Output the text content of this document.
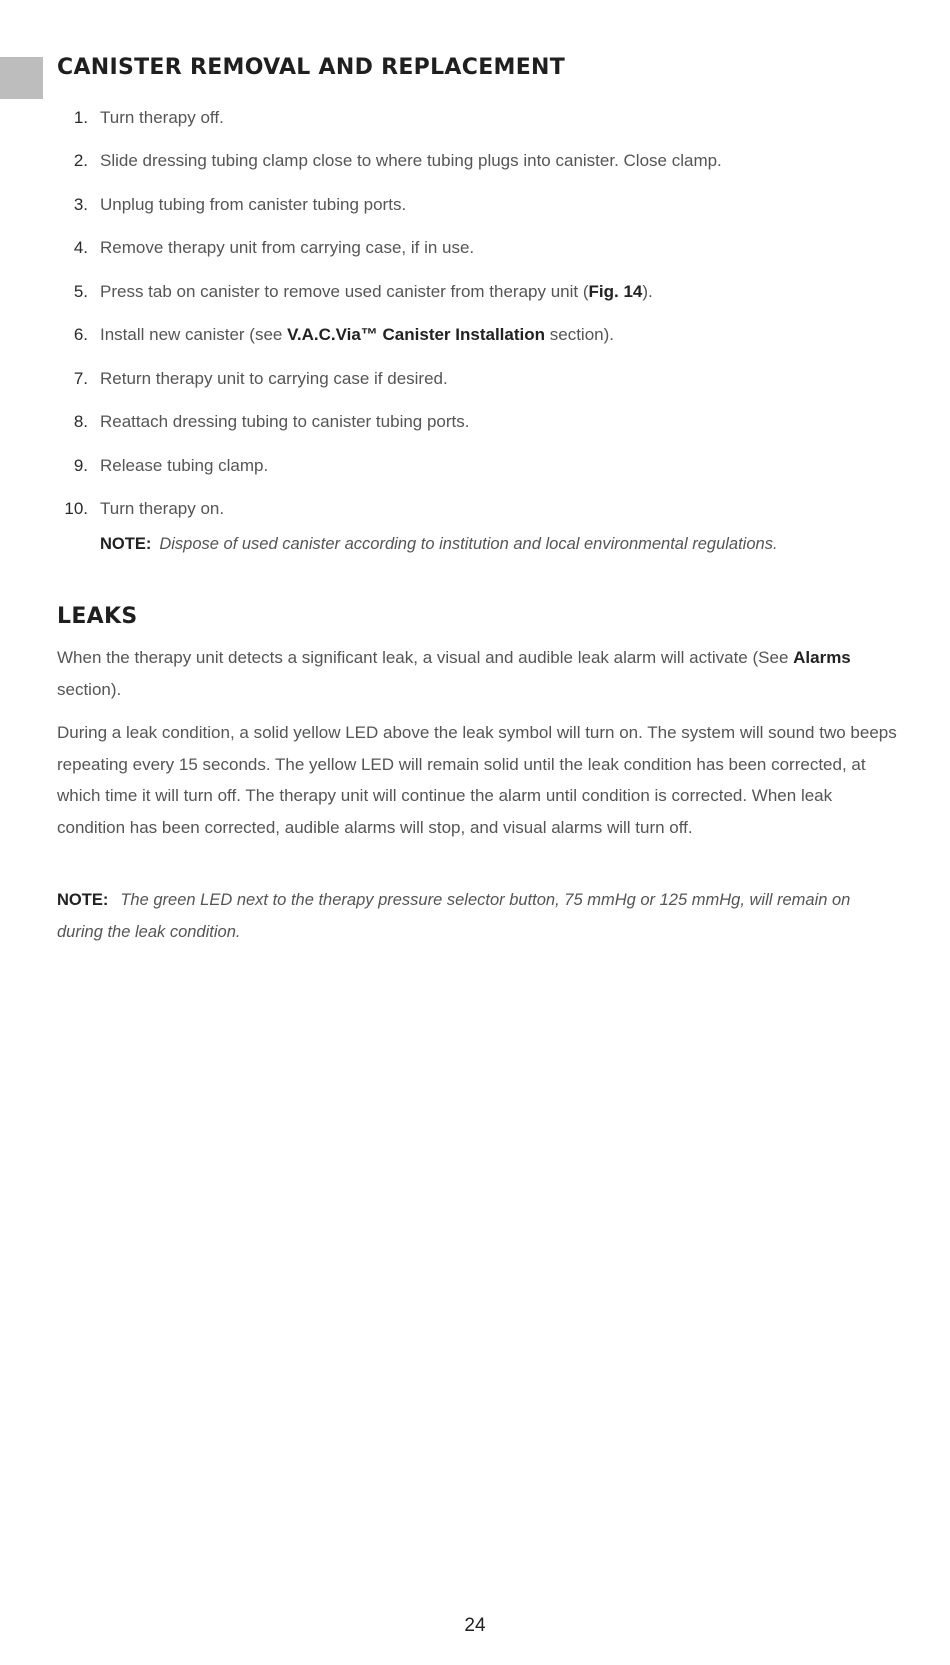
CANISTER REMOVAL AND REPLACEMENT
1. Turn therapy off.
2. Slide dressing tubing clamp close to where tubing plugs into canister. Close clamp.
3. Unplug tubing from canister tubing ports.
4. Remove therapy unit from carrying case, if in use.
5. Press tab on canister to remove used canister from therapy unit (Fig. 14).
6. Install new canister (see V.A.C.Via™ Canister Installation section).
7. Return therapy unit to carrying case if desired.
8. Reattach dressing tubing to canister tubing ports.
9. Release tubing clamp.
10. Turn therapy on.
NOTE: Dispose of used canister according to institution and local environmental regulations.
LEAKS

When the therapy unit detects a significant leak, a visual and audible leak alarm will activate (See Alarms section).

During a leak condition, a solid yellow LED above the leak symbol will turn on. The system will sound two beeps repeating every 15 seconds. The yellow LED will remain solid until the leak condition has been corrected, at which time it will turn off. The therapy unit will continue the alarm until condition is corrected. When leak condition has been corrected, audible alarms will stop, and visual alarms will turn off.

NOTE: The green LED next to the therapy pressure selector button, 75 mmHg or 125 mmHg, will remain on during the leak condition.

24
